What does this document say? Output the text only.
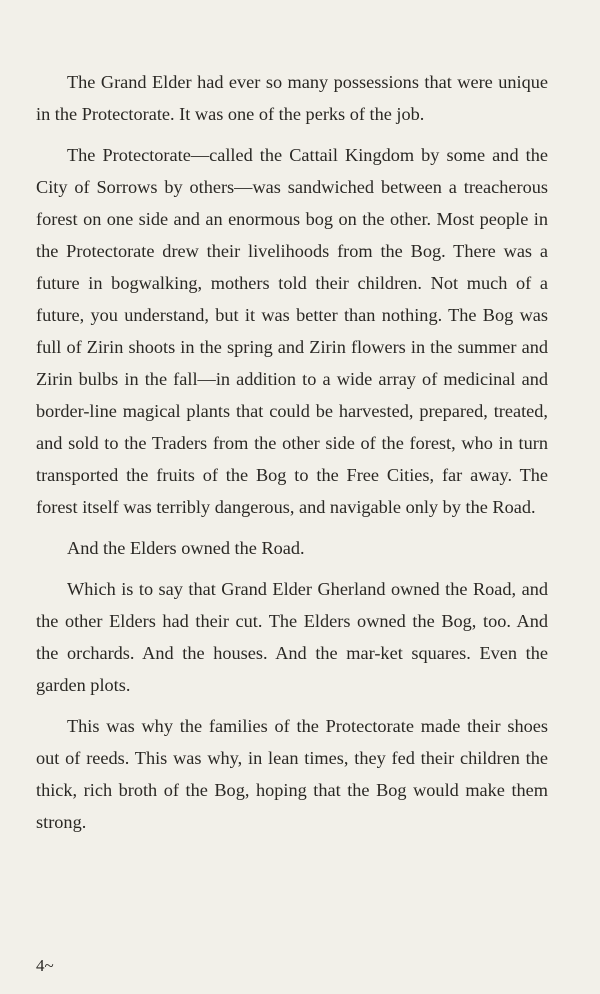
The Grand Elder had ever so many possessions that were unique in the Protectorate. It was one of the perks of the job.

The Protectorate—called the Cattail Kingdom by some and the City of Sorrows by others—was sandwiched between a treacherous forest on one side and an enormous bog on the other. Most people in the Protectorate drew their livelihoods from the Bog. There was a future in bogwalking, mothers told their children. Not much of a future, you understand, but it was better than nothing. The Bog was full of Zirin shoots in the spring and Zirin flowers in the summer and Zirin bulbs in the fall—in addition to a wide array of medicinal and border-line magical plants that could be harvested, prepared, treated, and sold to the Traders from the other side of the forest, who in turn transported the fruits of the Bog to the Free Cities, far away. The forest itself was terribly dangerous, and navigable only by the Road.

And the Elders owned the Road.

Which is to say that Grand Elder Gherland owned the Road, and the other Elders had their cut. The Elders owned the Bog, too. And the orchards. And the houses. And the mar-ket squares. Even the garden plots.

This was why the families of the Protectorate made their shoes out of reeds. This was why, in lean times, they fed their children the thick, rich broth of the Bog, hoping that the Bog would make them strong.

4~
